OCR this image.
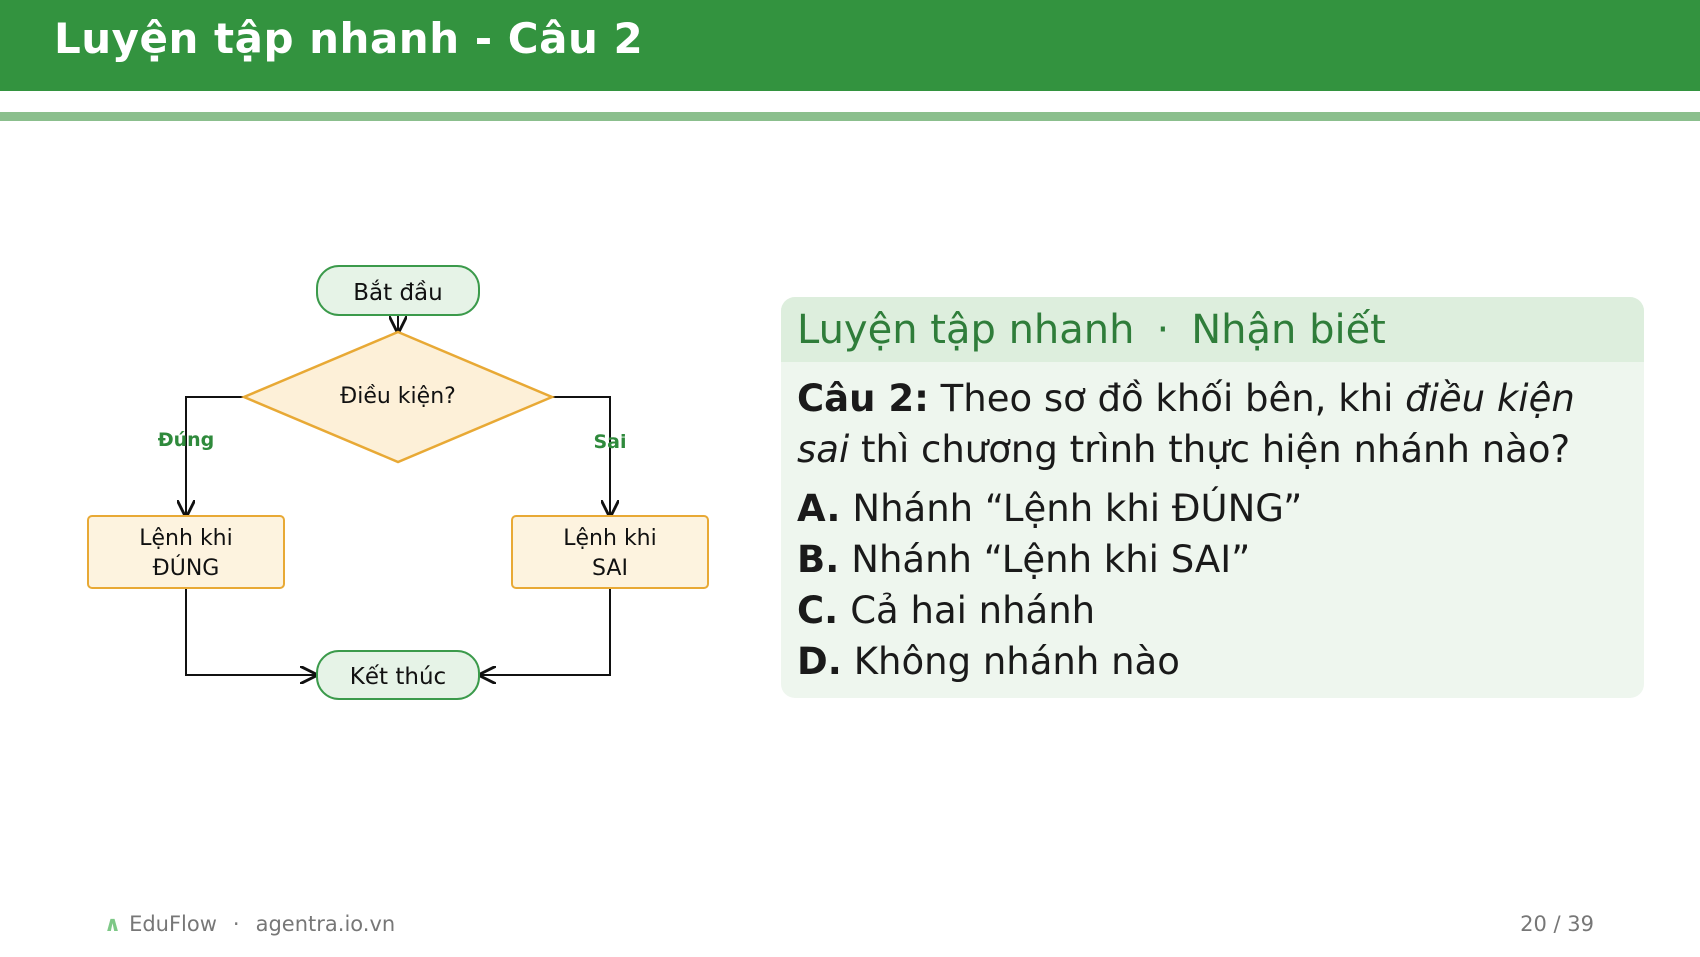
Luyện tập nhanh - Câu 2
Bắt đầu
Điều kiện?
Đúng	Sai
Lệnh khi
ĐÚNG
Lệnh khi
SAI
Kết thúc
Luyện tập nhanh · Nhận biết
Câu 2: Theo sơ đồ khối bên, khi điều kiện sai thì chương trình thực hiện nhánh nào?
A. Nhánh “Lệnh khi ĐÚNG”
B. Nhánh “Lệnh khi SAI”
C. Cả hai nhánh
D. Không nhánh nào
∧ EduFlow · agentra.io.vn	20 / 39
